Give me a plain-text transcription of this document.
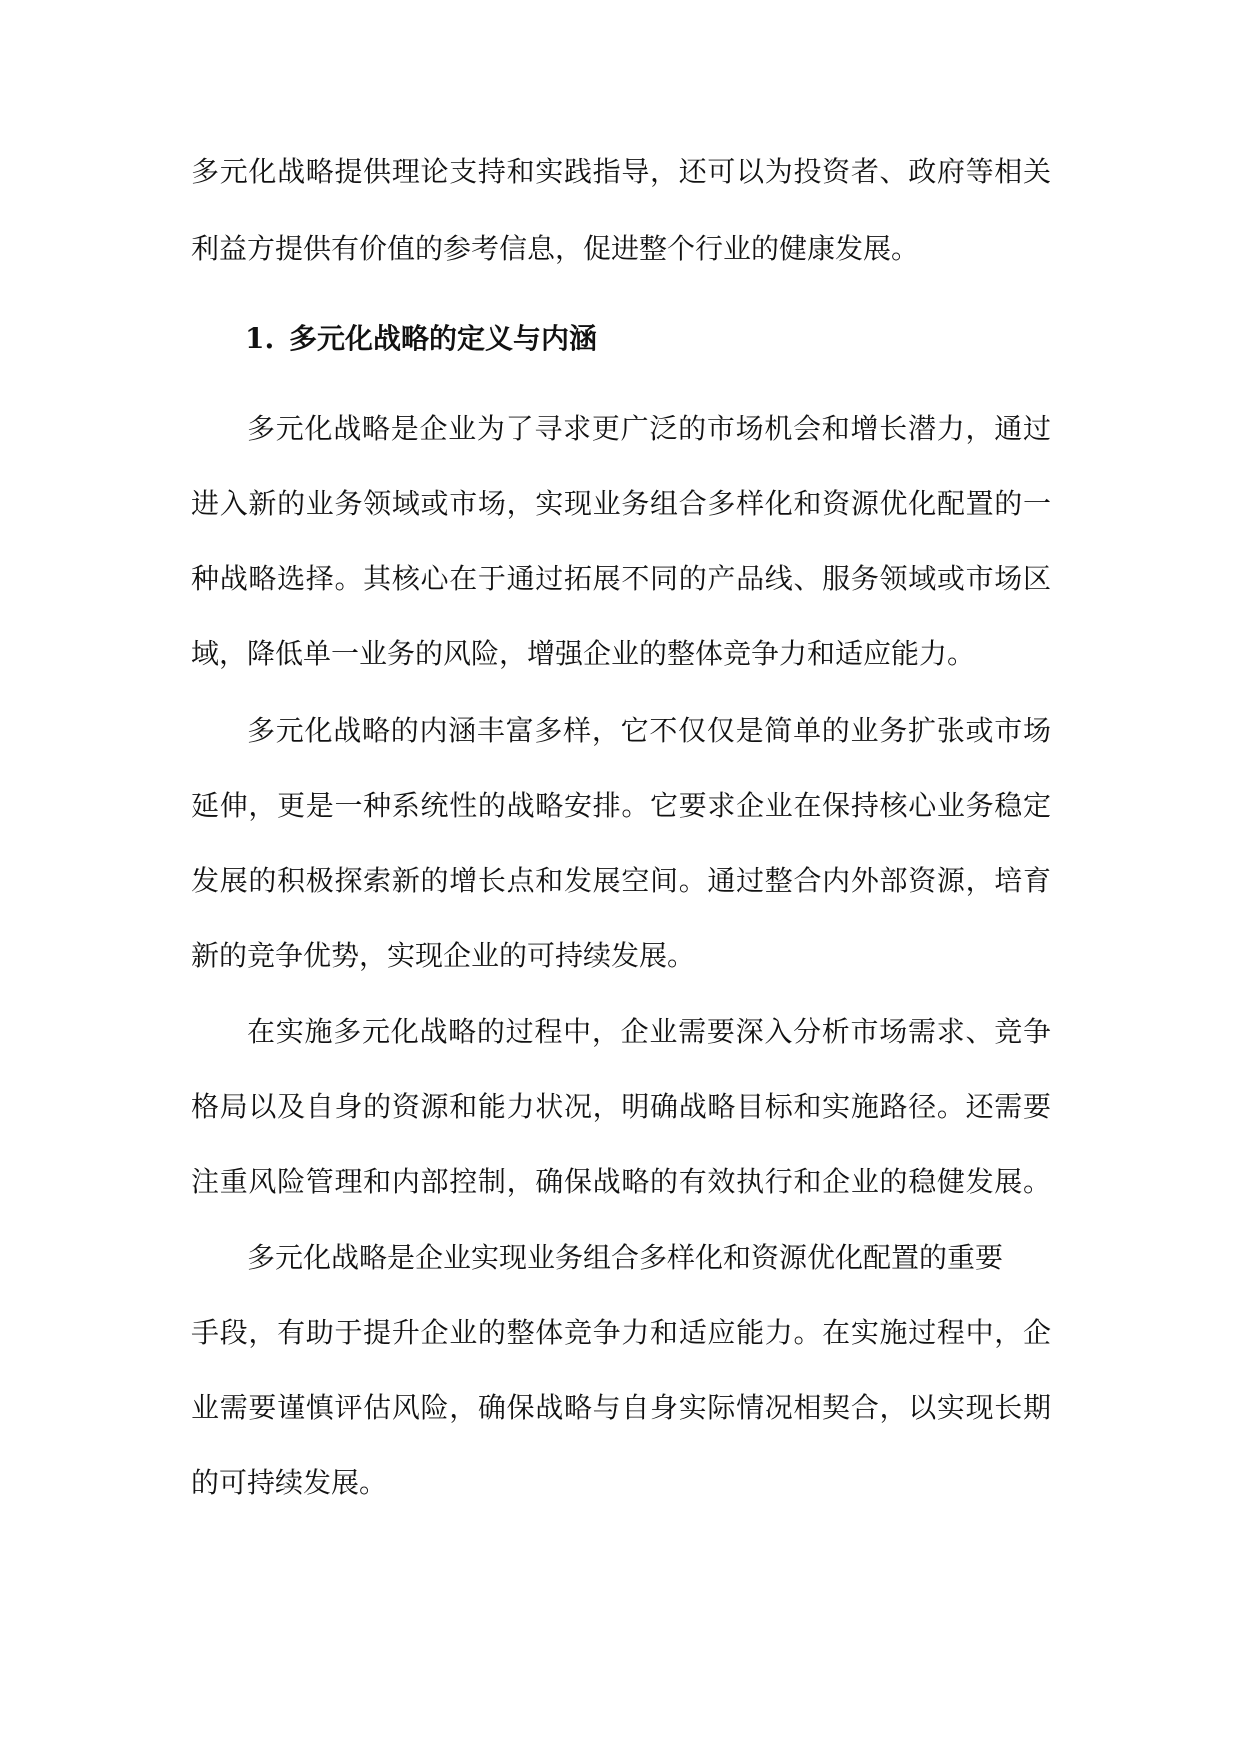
多元化战略提供理论支持和实践指导，还可以为投资者、政府等相关
利益方提供有价值的参考信息，促进整个行业的健康发展。
1. 多元化战略的定义与内涵
多元化战略是企业为了寻求更广泛的市场机会和增长潜力，通过
进入新的业务领域或市场，实现业务组合多样化和资源优化配置的一
种战略选择。其核心在于通过拓展不同的产品线、服务领域或市场区
域，降低单一业务的风险，增强企业的整体竞争力和适应能力。
多元化战略的内涵丰富多样，它不仅仅是简单的业务扩张或市场
延伸，更是一种系统性的战略安排。它要求企业在保持核心业务稳定
发展的积极探索新的增长点和发展空间。通过整合内外部资源，培育
新的竞争优势，实现企业的可持续发展。
在实施多元化战略的过程中，企业需要深入分析市场需求、竞争
格局以及自身的资源和能力状况，明确战略目标和实施路径。还需要
注重风险管理和内部控制，确保战略的有效执行和企业的稳健发展。
多元化战略是企业实现业务组合多样化和资源优化配置的重要
手段，有助于提升企业的整体竞争力和适应能力。在实施过程中，企
业需要谨慎评估风险，确保战略与自身实际情况相契合，以实现长期
的可持续发展。
